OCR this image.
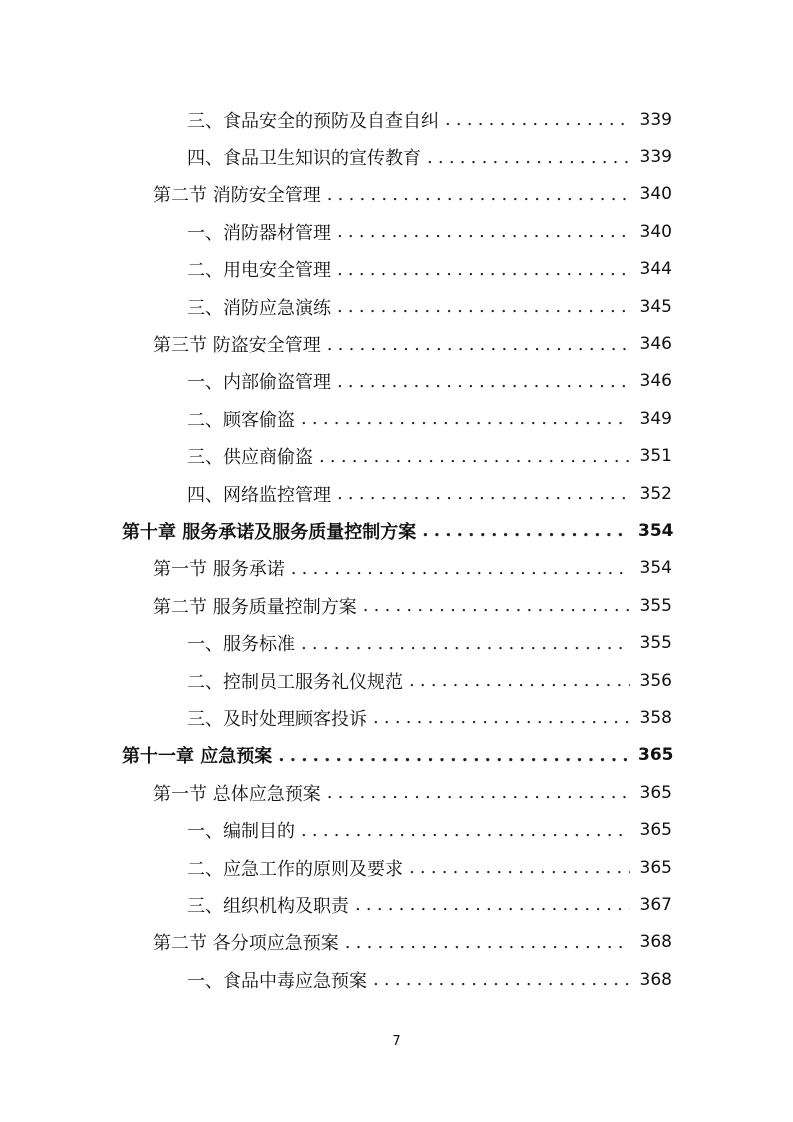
三、食品安全的预防及自查自纠 .....	339
四、食品卫生知识的宣传教育 .....	339
第二节 消防安全管理 .....	340
一、消防器材管理 .....	340
二、用电安全管理 .....	344
三、消防应急演练 .....	345
第三节 防盗安全管理 .....	346
一、内部偷盗管理 .....	346
二、顾客偷盗 .....	349
三、供应商偷盗 .....	351
四、网络监控管理 .....	352
第十章 服务承诺及服务质量控制方案 .....	354
第一节 服务承诺 .....	354
第二节 服务质量控制方案 .....	355
一、服务标准 .....	355
二、控制员工服务礼仪规范 .....	356
三、及时处理顾客投诉 .....	358
第十一章 应急预案 .....	365
第一节 总体应急预案 .....	365
一、编制目的 .....	365
二、应急工作的原则及要求 .....	365
三、组织机构及职责 .....	367
第二节 各分项应急预案 .....	368
一、食品中毒应急预案 .....	368
7
